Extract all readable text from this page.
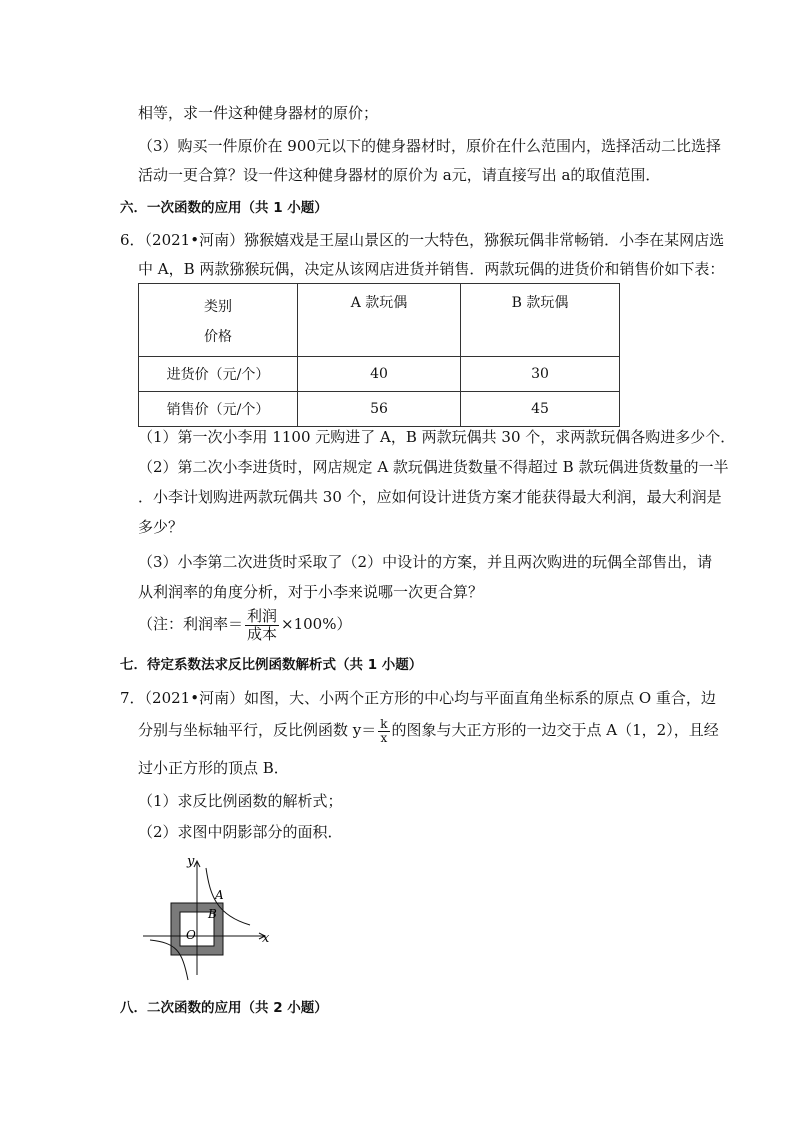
相等，求一件这种健身器材的原价；
（3）购买一件原价在 900元以下的健身器材时，原价在什么范围内，选择活动二比选择
活动一更合算？设一件这种健身器材的原价为 a元，请直接写出 a的取值范围．
六．一次函数的应用（共 1 小题）
6．（2021•河南）猕猴嬉戏是王屋山景区的一大特色，猕猴玩偶非常畅销．小李在某网店选
中 A，B 两款猕猴玩偶，决定从该网店进货并销售．两款玩偶的进货价和销售价如下表：
类别
价格	A 款玩偶	B 款玩偶
进货价（元/个）	40	30
销售价（元/个）	56	45
（1）第一次小李用 1100 元购进了 A，B 两款玩偶共 30 个，求两款玩偶各购进多少个．
（2）第二次小李进货时，网店规定 A 款玩偶进货数量不得超过 B 款玩偶进货数量的一半
．小李计划购进两款玩偶共 30 个，应如何设计进货方案才能获得最大利润，最大利润是
多少？
（3）小李第二次进货时采取了（2）中设计的方案，并且两次购进的玩偶全部售出，请
从利润率的角度分析，对于小李来说哪一次更合算？
（注：利润率＝ $\frac{\text{利润}}{\text{成本}} \times 100\%$）
七．待定系数法求反比例函数解析式（共 1 小题）
7．（2021•河南）如图，大、小两个正方形的中心均与平面直角坐标系的原点 O 重合，边
分别与坐标轴平行，反比例函数 $y= \frac{k}{x}$ 的图象与大正方形的一边交于点 A（1，2），且经
过小正方形的顶点 B．
（1）求反比例函数的解析式；
（2）求图中阴影部分的面积．
y
x
O
A
B
八．二次函数的应用（共 2 小题）
